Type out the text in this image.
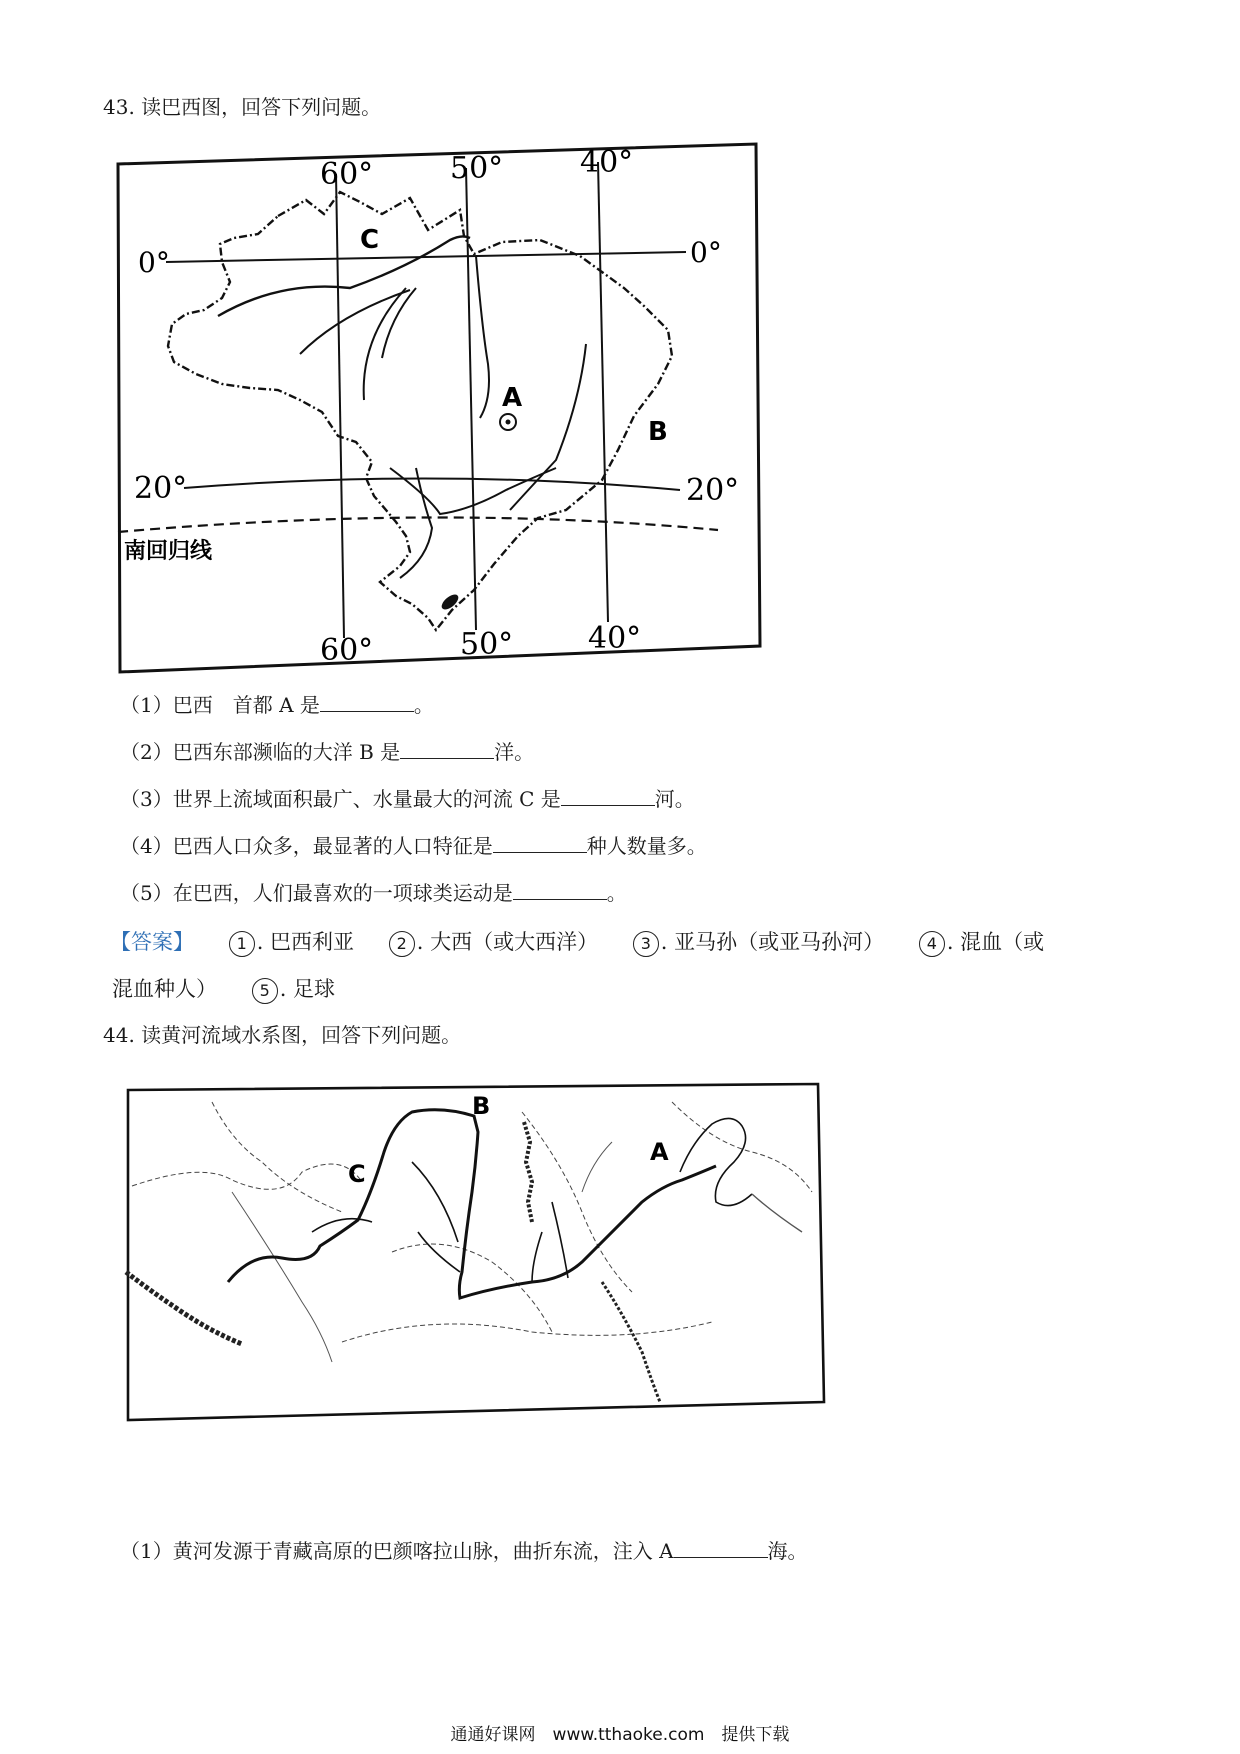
43. 读巴西图，回答下列问题。
60°	50°	40°
60°	50° 40°
0°	0°
20°	20°
南回归线
A
B
C
（1）巴西　首都 A 是	。
（2）巴西东部濒临的大洋 B 是	洋。
（3）世界上流域面积最广、水量最大的河流 C 是	河。
（4）巴西人口众多，最显著的人口特征是	种人数量多。
（5）在巴西，人们最喜欢的一项球类运动是	。
【答案】	1 . 巴西利亚	2 . 大西（或大西洋）	3 . 亚马孙（或亚马孙河）	4 . 混血（或
混血种人）	5 . 足球
44. 读黄河流域水系图，回答下列问题。
B
C
A
（1）黄河发源于青藏高原的巴颜喀拉山脉，曲折东流，注入 A	海。
通通好课网　www.tthaoke.com　提供下载
